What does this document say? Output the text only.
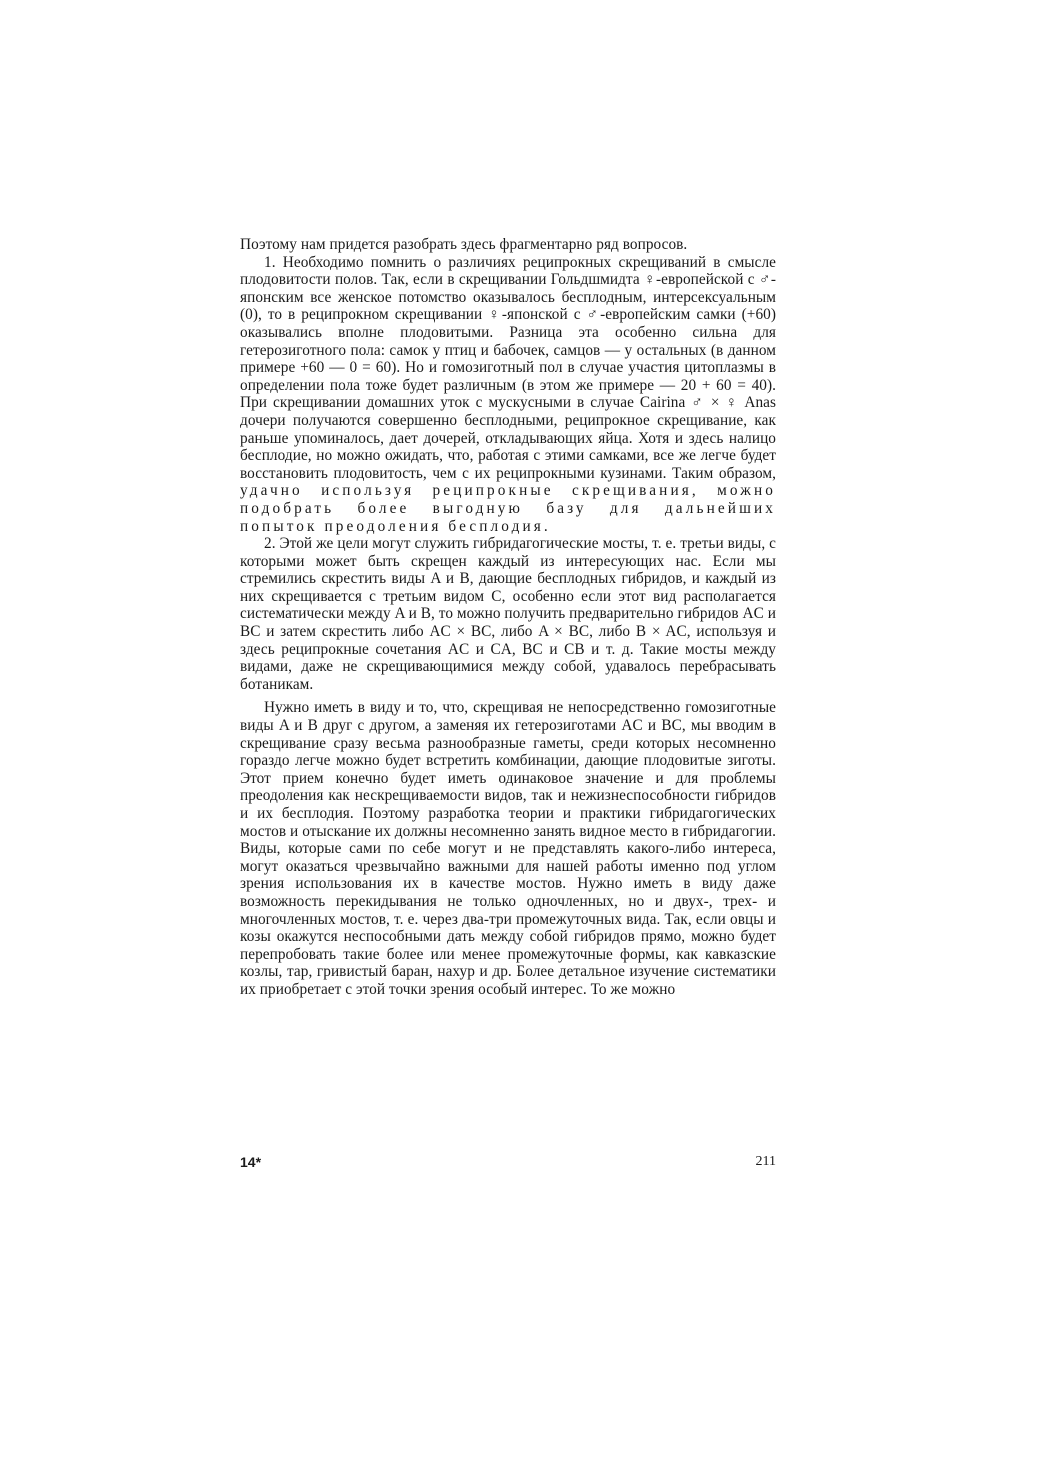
Поэтому нам придется разобрать здесь фрагментарно ряд вопросов.

1. Необходимо помнить о различиях реципрокных скрещиваний в смысле плодовитости полов. Так, если в скрещивании Гольдшмидта ♀-европейской с ♂-японским все женское потомство оказывалось бесплодным, интерсексуальным (0), то в реципрокном скрещивании ♀-японской с ♂-европейским самки (+60) оказывались вполне плодовитыми. Разница эта особенно сильна для гетерозиготного пола: самок у птиц и бабочек, самцов — у остальных (в данном примере +60 — 0 = 60). Но и гомозиготный пол в случае участия цитоплазмы в определении пола тоже будет различным (в этом же примере — 20 + 60 = 40). При скрещивании домашних уток с мускусными в случае Cairina ♂ × ♀ Anas дочери получаются совершенно бесплодными, реципрокное скрещивание, как раньше упоминалось, дает дочерей, откладывающих яйца. Хотя и здесь налицо бесплодие, но можно ожидать, что, работая с этими самками, все же легче будет восстановить плодовитость, чем с их реципрокными кузинами. Таким образом, удачно используя реципрокные скрещивания, можно подобрать более выгодную базу для дальнейших попыток преодоления бесплодия.

2. Этой же цели могут служить гибридагогические мосты, т. е. третьи виды, с которыми может быть скрещен каждый из интересующих нас. Если мы стремились скрестить виды A и B, дающие бесплодных гибридов, и каждый из них скрещивается с третьим видом C, особенно если этот вид располагается систематически между A и B, то можно получить предварительно гибридов AC и BC и затем скрестить либо AC × BC, либо A × BC, либо B × AC, используя и здесь реципрокные сочетания AC и CA, BC и CB и т. д. Такие мосты между видами, даже не скрещивающимися между собой, удавалось перебрасывать ботаникам.

Нужно иметь в виду и то, что, скрещивая не непосредственно гомозиготные виды A и B друг с другом, а заменяя их гетерозиготами AC и BC, мы вводим в скрещивание сразу весьма разнообразные гаметы, среди которых несомненно гораздо легче можно будет встретить комбинации, дающие плодовитые зиготы. Этот прием конечно будет иметь одинаковое значение и для проблемы преодоления как нескрещиваемости видов, так и нежизнеспособности гибридов и их бесплодия. Поэтому разработка теории и практики гибридагогических мостов и отыскание их должны несомненно занять видное место в гибридагогии. Виды, которые сами по себе могут и не представлять какого-либо интереса, могут оказаться чрезвычайно важными для нашей работы именно под углом зрения использования их в качестве мостов. Нужно иметь в виду даже возможность перекидывания не только одночленных, но и двух-, трех- и многочленных мостов, т. е. через два-три промежуточных вида. Так, если овцы и козы окажутся неспособными дать между собой гибридов прямо, можно будет перепробовать такие более или менее промежуточные формы, как кавказские козлы, тар, гривистый баран, нахур и др. Более детальное изучение систематики их приобретает с этой точки зрения особый интерес. То же можно

14*	211
